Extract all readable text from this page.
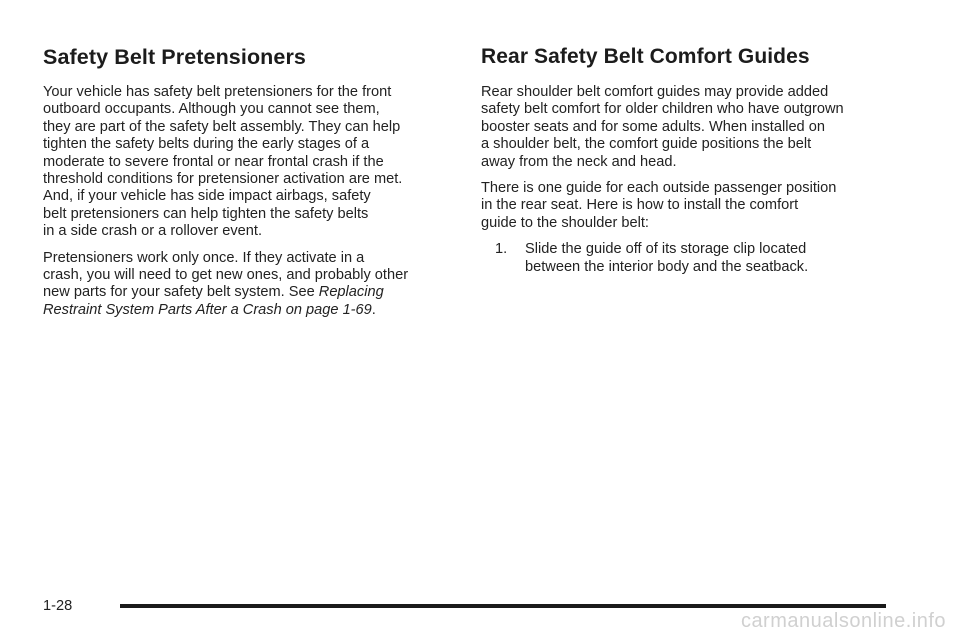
Safety Belt Pretensioners

Your vehicle has safety belt pretensioners for the front
outboard occupants. Although you cannot see them,
they are part of the safety belt assembly. They can help
tighten the safety belts during the early stages of a
moderate to severe frontal or near frontal crash if the
threshold conditions for pretensioner activation are met.
And, if your vehicle has side impact airbags, safety
belt pretensioners can help tighten the safety belts
in a side crash or a rollover event.

Pretensioners work only once. If they activate in a
crash, you will need to get new ones, and probably other
new parts for your safety belt system. See Replacing
Restraint System Parts After a Crash on page 1-69.

Rear Safety Belt Comfort Guides

Rear shoulder belt comfort guides may provide added
safety belt comfort for older children who have outgrown
booster seats and for some adults. When installed on
a shoulder belt, the comfort guide positions the belt
away from the neck and head.

There is one guide for each outside passenger position
in the rear seat. Here is how to install the comfort
guide to the shoulder belt:

1. Slide the guide off of its storage clip located
between the interior body and the seatback.
1-28
carmanualsonline.info
